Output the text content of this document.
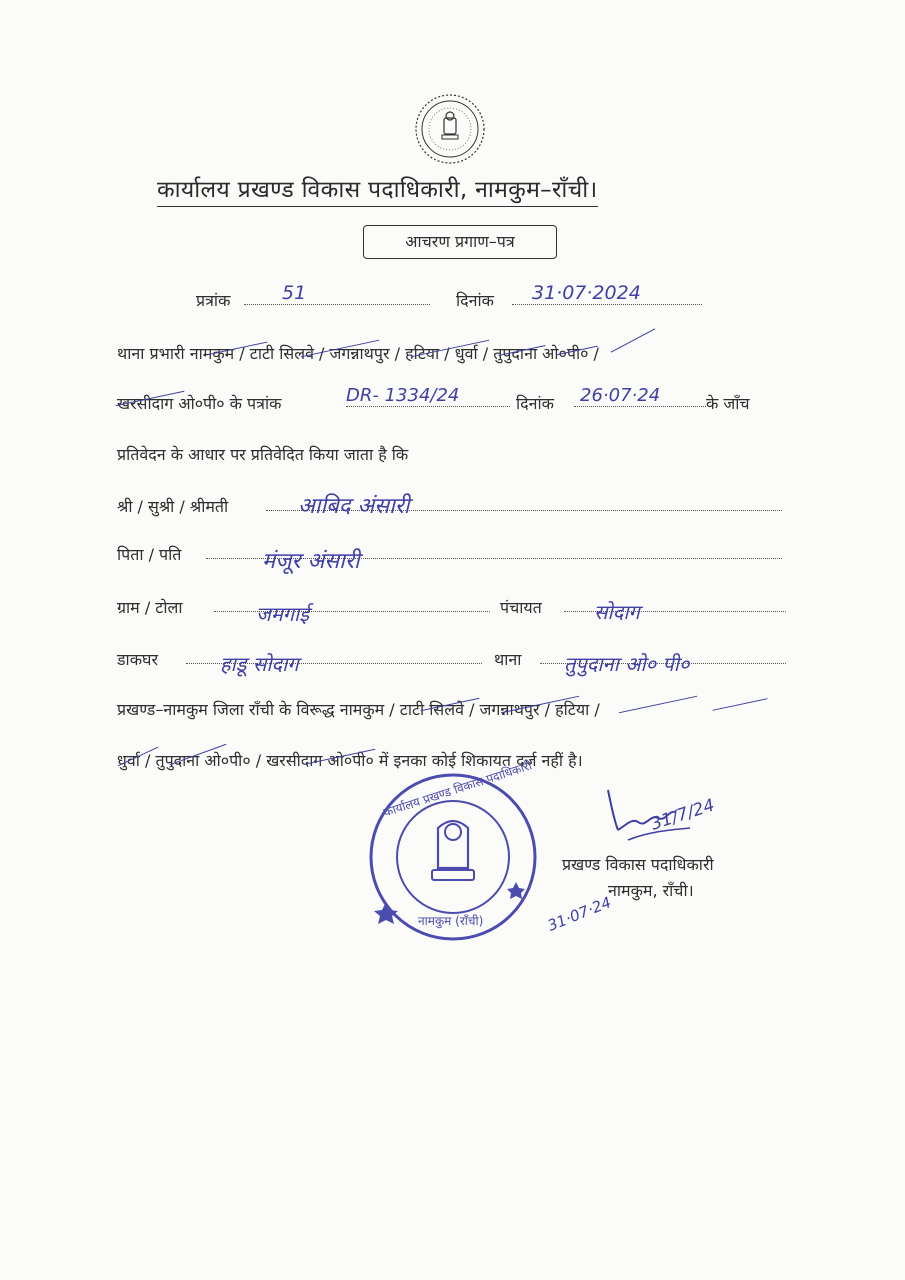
कार्यालय प्रखण्ड विकास पदाधिकारी, नामकुम–राँची।
आचरण प्रगाण–पत्र
प्रत्रांक	51	दिनांक 31·07·2024
थाना प्रभारी नामकुम / टाटी सिलवे / जगन्नाथपुर / हटिया / धुर्वा / तुपुदाना ओ०पी० /
खरसीदाग ओ०पी० के पत्रांक	DR- 1334/24	दिनांक 26·07·24	के जाँच
प्रतिवेदन के आधार पर प्रतिवेदित किया जाता है कि
श्री / सुश्री / श्रीमती	आबिद अंसारी
पिता / पति	मंजूर अंसारी
ग्राम / टोला	जमगाई	पंचायत	सोदाग
डाकघर	हाडू सोदाग	थाना तुपुदाना ओ० पी०
प्रखण्ड–नामकुम जिला राँची के विरूद्ध नामकुम / टाटी सिलवे / जगन्नाथपुर / हटिया /
धुर्वा / तुपुदाना ओ०पी० / खरसीदाग ओ०पी० में इनका कोई शिकायत दर्ज नहीं है।
कार्यालय प्रखण्ड विकास पदाधिकारी
नामकुम (राँची)
31/7/24
प्रखण्ड विकास पदाधिकारी
नामकुम, राँची।
31·07·24
